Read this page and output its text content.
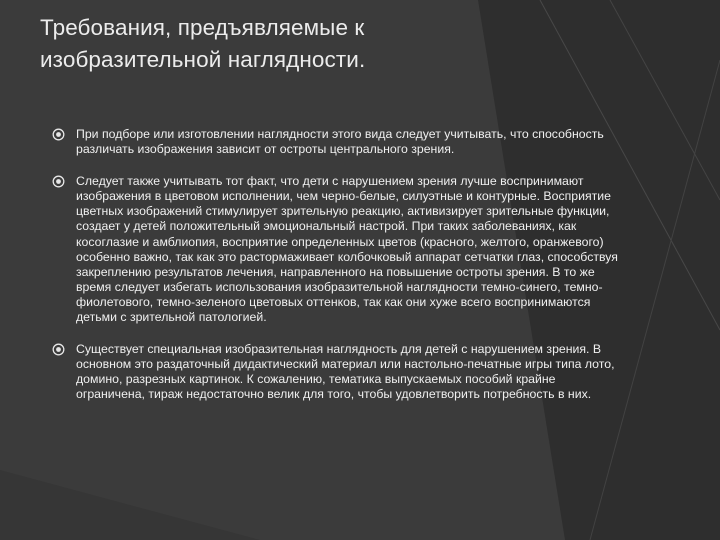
Требования, предъявляемые к
изобразительной наглядности.
При подборе или изготовлении наглядности этого вида следует учитывать, что способность различать изображения зависит от остроты центрального зрения.
Следует также учитывать тот факт, что дети с нарушением зрения лучше воспринимают изображения в цветовом исполнении, чем черно-белые, силуэтные и контурные. Восприятие цветных изображений стимулирует зрительную реакцию, активизирует зрительные функции, создает у детей положительный эмоциональный настрой. При таких заболеваниях, как косоглазие и амблиопия, восприятие определенных цветов (красного, желтого, оранжевого) особенно важно, так как это растормаживает колбочковый аппарат сетчатки глаз, способствуя закреплению результатов лечения, направленного на повышение остроты зрения. В то же время следует избегать использования изобразительной наглядности темно-синего, темно-фиолетового, темно-зеленого цветовых оттенков, так как они хуже всего воспринимаются детьми с зрительной патологией.
Существует специальная изобразительная наглядность для детей с нарушением зрения. В основном это раздаточный дидактический материал или настольно-печатные игры типа лото, домино, разрезных картинок. К сожалению, тематика выпускаемых пособий крайне ограничена, тираж недостаточно велик для того, чтобы удовлетворить потребность в них.
